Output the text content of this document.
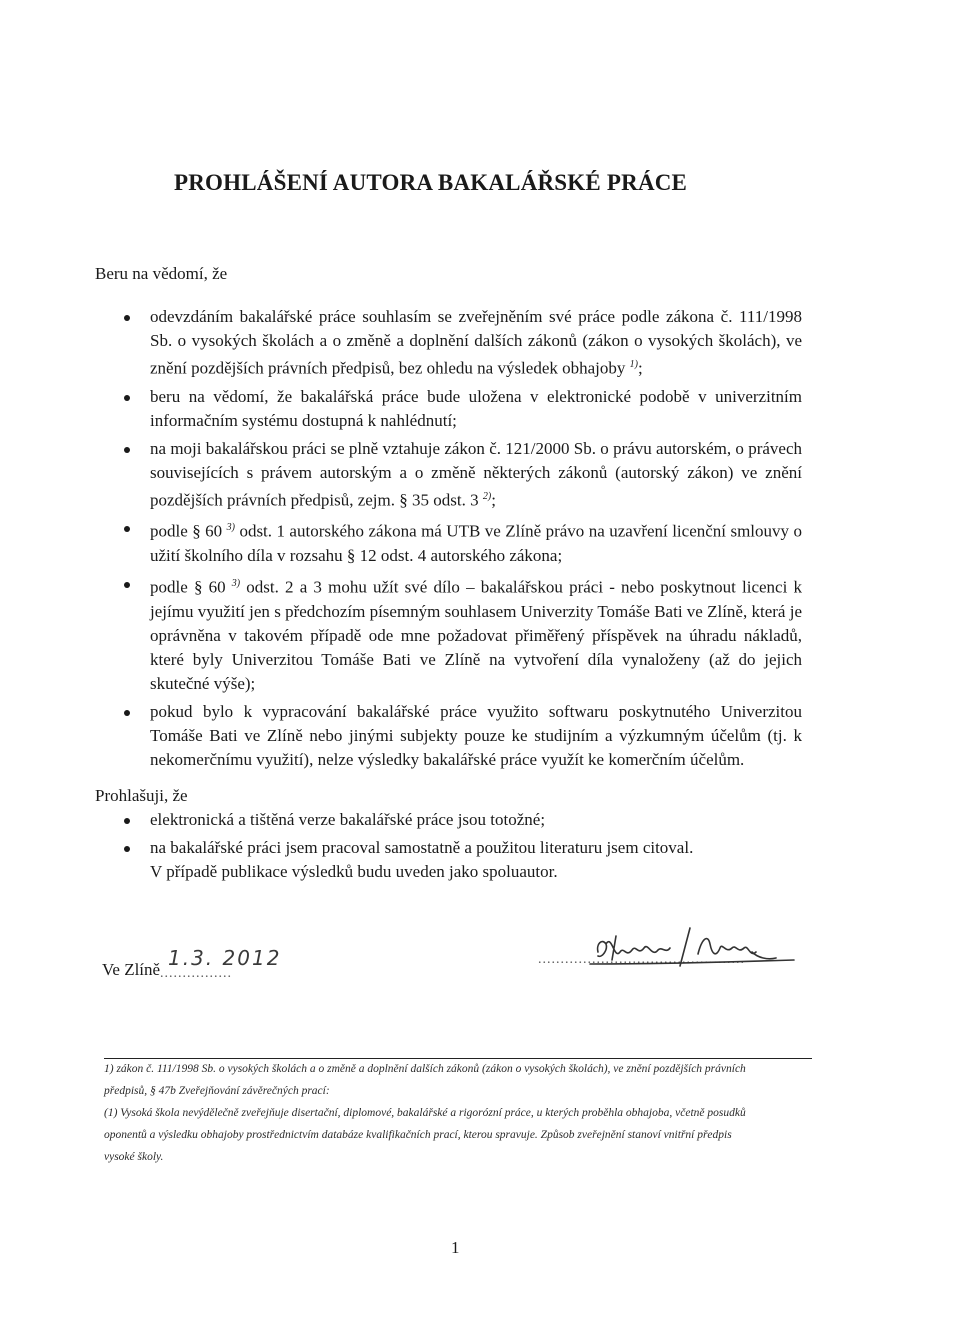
PROHLÁŠENÍ AUTORA BAKALÁŘSKÉ PRÁCE

Beru na vědomí, že

odevzdáním bakalářské práce souhlasím se zveřejněním své práce podle zákona č. 111/1998 Sb. o vysokých školách a o změně a doplnění dalších zákonů (zákon o vysokých školách), ve znění pozdějších právních předpisů, bez ohledu na výsledek obhajoby $^{1)}$;
beru na vědomí, že bakalářská práce bude uložena v elektronické podobě v univerzitním informačním systému dostupná k nahlédnutí;
na moji bakalářskou práci se plně vztahuje zákon č. 121/2000 Sb. o právu autorském, o právech souvisejících s právem autorským a o změně některých zákonů (autorský zákon) ve znění pozdějších právních předpisů, zejm. § 35 odst. 3 $^{2)}$;
podle § 60 $^{3)}$ odst. 1 autorského zákona má UTB ve Zlíně právo na uzavření licenční smlouvy o užití školního díla v rozsahu § 12 odst. 4 autorského zákona;
podle § 60 $^{3)}$ odst. 2 a 3 mohu užít své dílo – bakalářskou práci - nebo poskytnout licenci k jejímu využití jen s předchozím písemným souhlasem Univerzity Tomáše Bati ve Zlíně, která je oprávněna v takovém případě ode mne požadovat přiměřený příspěvek na úhradu nákladů, které byly Univerzitou Tomáše Bati ve Zlíně na vytvoření díla vynaloženy (až do jejich skutečné výše);
pokud bylo k vypracování bakalářské práce využito softwaru poskytnutého Univerzitou Tomáše Bati ve Zlíně nebo jinými subjekty pouze ke studijním a výzkumným účelům (tj. k nekomerčnímu využití), nelze výsledky bakalářské práce využít ke komerčním účelům.

Prohlašuji, že

elektronická a tištěná verze bakalářské práce jsou totožné;
na bakalářské práci jsem pracoval samostatně a použitou literaturu jsem citoval.
V případě publikace výsledků budu uveden jako spoluautor.
Ve Zlíně ................
1.3. 2012	..............................................

1) zákon č. 111/1998 Sb. o vysokých školách a o změně a doplnění dalších zákonů (zákon o vysokých školách), ve znění pozdějších právních

předpisů, § 47b Zveřejňování závěrečných prací:

(1) Vysoká škola nevýdělečně zveřejňuje disertační, diplomové, bakalářské a rigorózní práce, u kterých proběhla obhajoba, včetně posudků

oponentů a výsledku obhajoby prostřednictvím databáze kvalifikačních prací, kterou spravuje. Způsob zveřejnění stanoví vnitřní předpis

vysoké školy.

1
